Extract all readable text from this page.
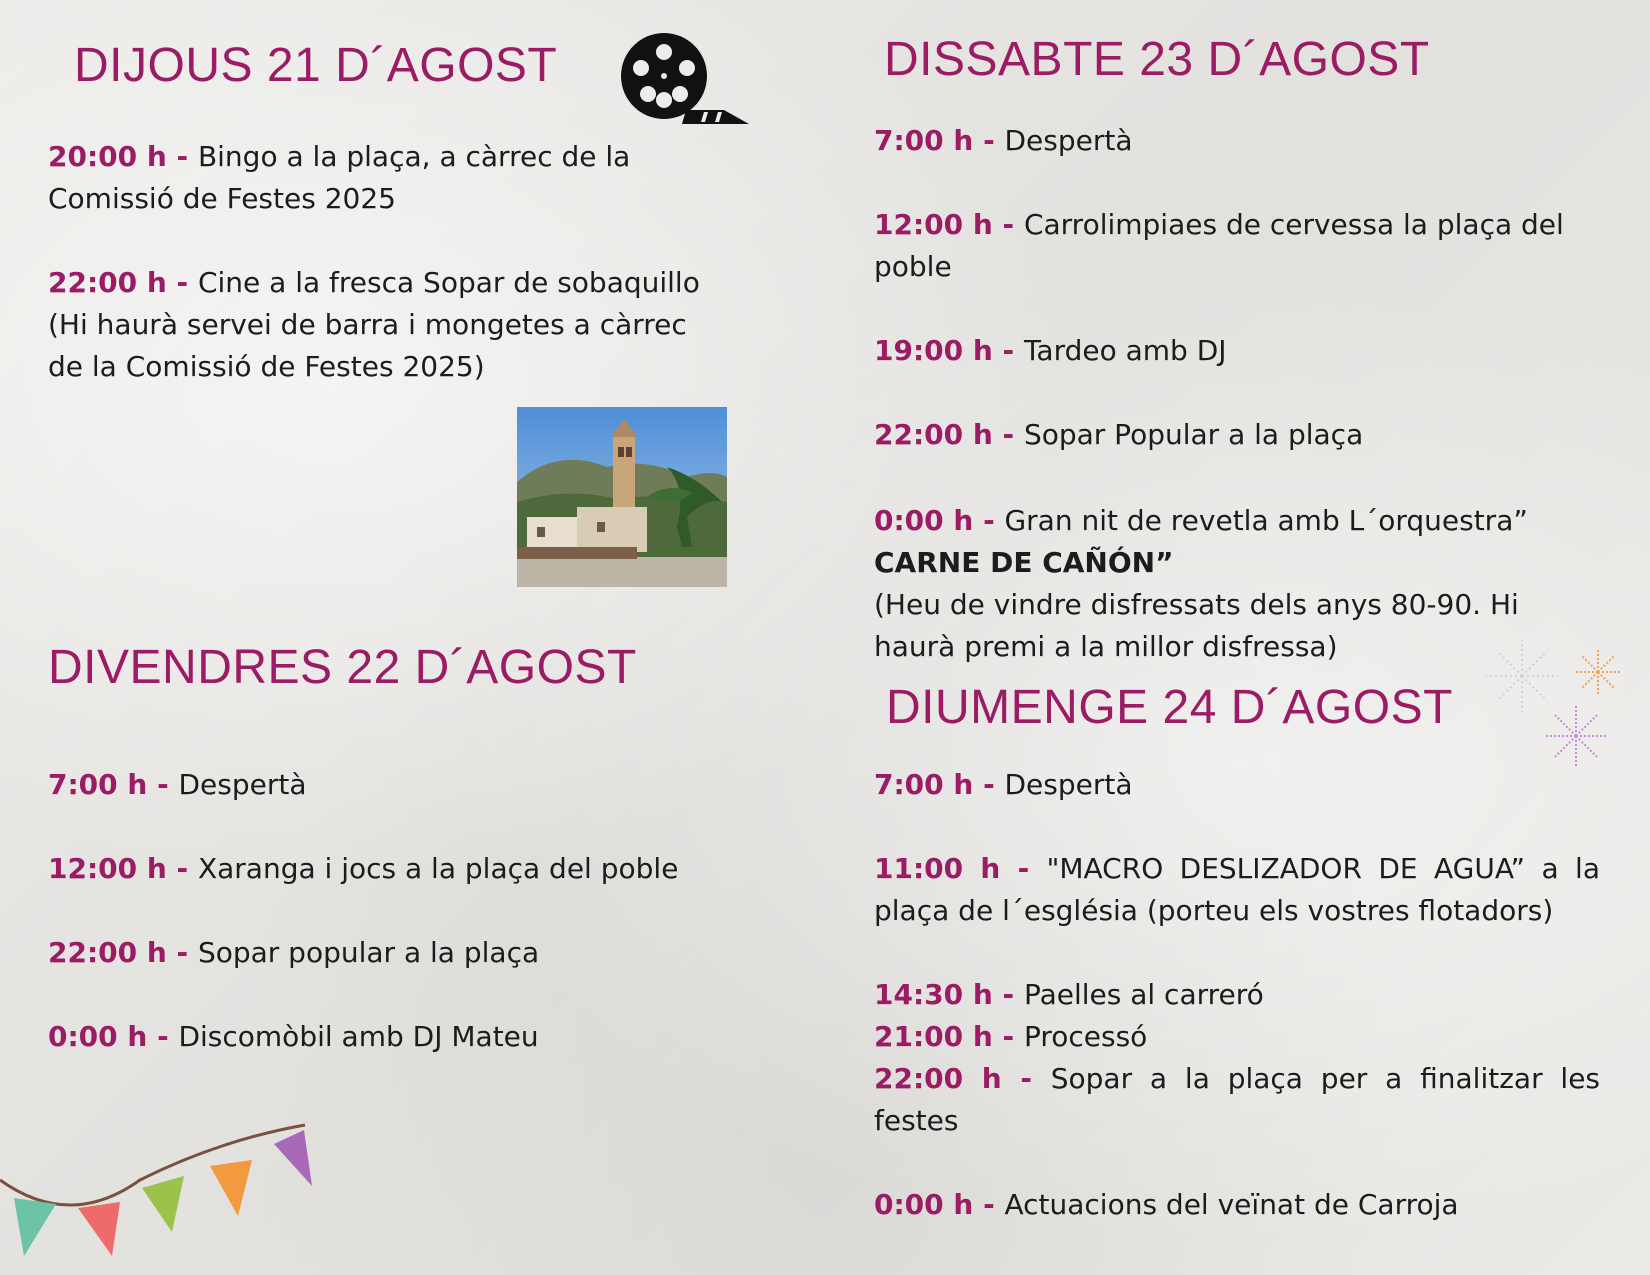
DIJOUS 21 D´AGOST

20:00 h - Bingo a la plaça, a càrrec de la Comissió de Festes 2025

22:00 h - Cine a la fresca Sopar de sobaquillo (Hi haurà servei de barra i mongetes a càrrec de la Comissió de Festes 2025)

DIVENDRES 22 D´AGOST

7:00 h - Despertà

12:00 h - Xaranga i jocs a la plaça del poble

22:00 h - Sopar popular a la plaça

0:00 h - Discomòbil amb DJ Mateu

DISSABTE 23 D´AGOST

7:00 h - Despertà

12:00 h - Carrolimpiaes de cervessa la plaça del poble

19:00 h - Tardeo amb DJ

22:00 h - Sopar Popular a la plaça

0:00 h - Gran nit de revetla amb L´orquestra” CARNE DE CAÑÓN”
(Heu de vindre disfressats dels anys 80-90. Hi haurà premi a la millor disfressa)

DIUMENGE 24 D´AGOST

7:00 h - Despertà

11:00 h - "MACRO DESLIZADOR DE AGUA” a la plaça de l´església (porteu els vostres flotadors)

14:30 h - Paelles al carreró

21:00 h - Processó

22:00 h - Sopar a la plaça per a finalitzar les festes

0:00 h - Actuacions del veïnat de Carroja
